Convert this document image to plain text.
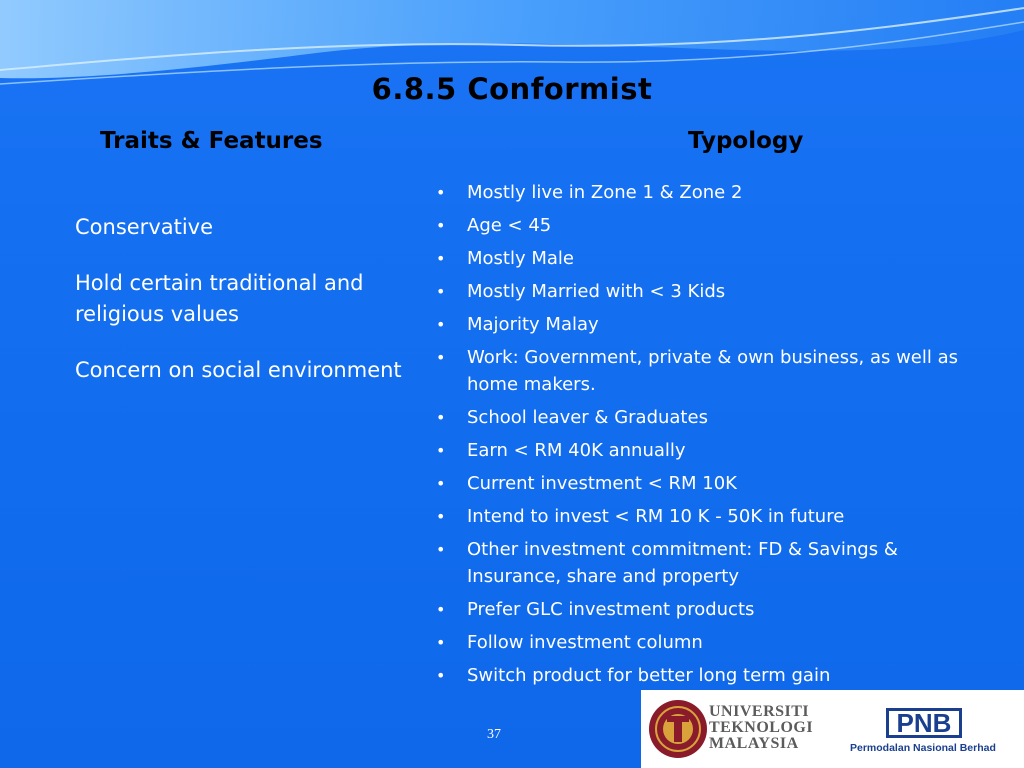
6.8.5 Conformist
Traits & Features	Typology
Conservative
Hold certain traditional and religious values
Concern on social environment
• Mostly live in Zone 1 & Zone 2
• Age < 45
• Mostly Male
• Mostly Married with < 3 Kids
• Majority Malay
• Work: Government, private & own business, as well as home makers.
• School leaver & Graduates
• Earn < RM 40K annually
• Current investment < RM 10K
• Intend to invest < RM 10 K - 50K in future
• Other investment commitment: FD & Savings & Insurance, share and property
• Prefer GLC investment products
• Follow investment column
• Switch product for better long term gain
37
UNIVERSITI
TEKNOLOGI
MALAYSIA
PNB
Permodalan Nasional Berhad
